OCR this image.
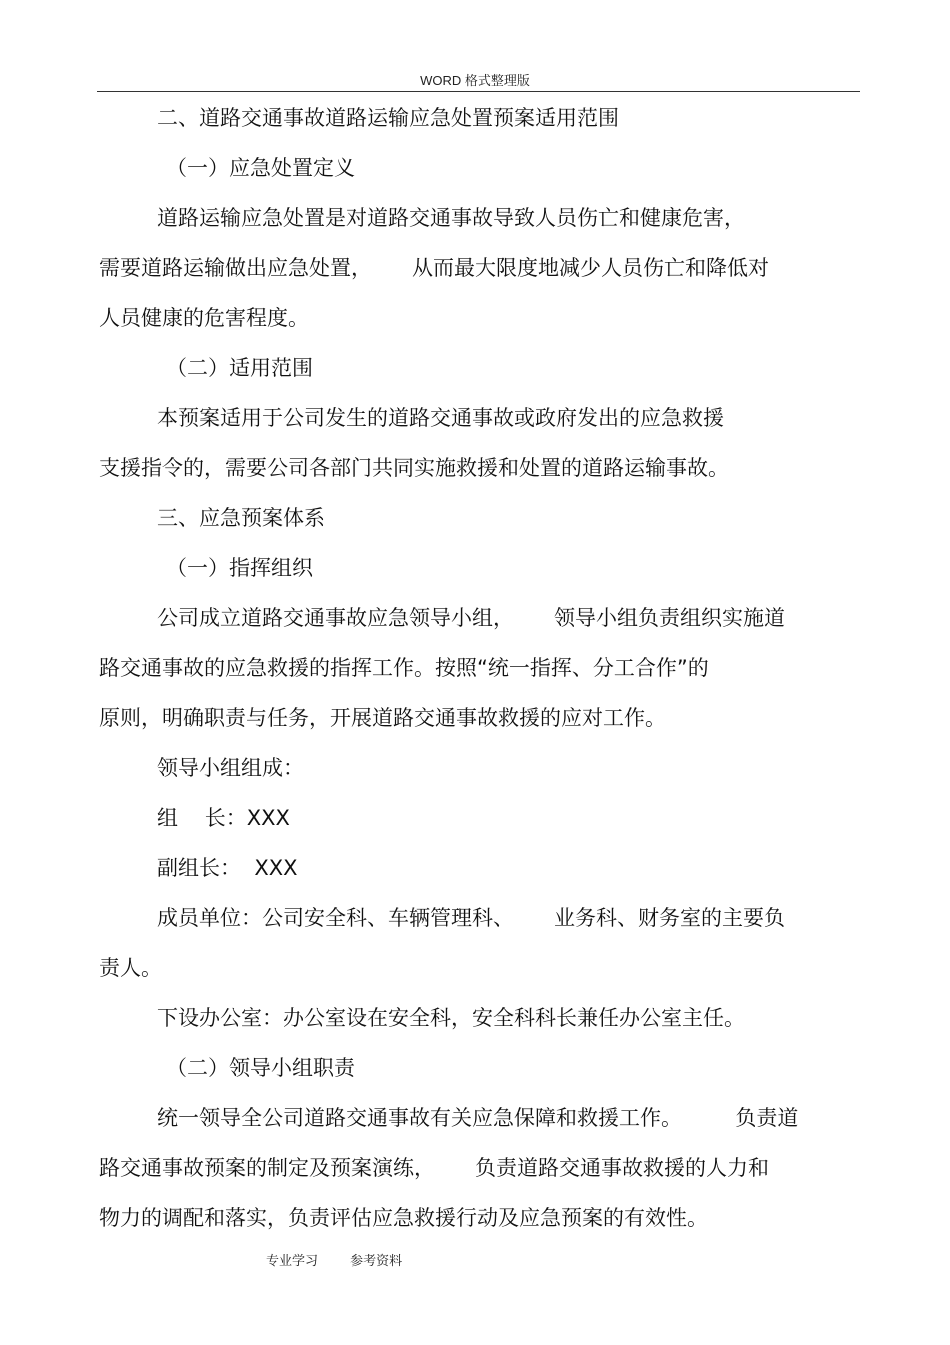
WORD 格式整理版
二、道路交通事故道路运输应急处置预案适用范围
（一）应急处置定义
道路运输应急处置是对道路交通事故导致人员伤亡和健康危害，
需要道路运输做出应急处置，      从而最大限度地减少人员伤亡和降低对
人员健康的危害程度。
（二）适用范围
本预案适用于公司发生的道路交通事故或政府发出的应急救援
支援指令的，需要公司各部门共同实施救援和处置的道路运输事故。
三、应急预案体系
（一）指挥组织
公司成立道路交通事故应急领导小组，      领导小组负责组织实施道
路交通事故的应急救援的指挥工作。按照“统一指挥、分工合作”的
原则，明确职责与任务，开展道路交通事故救援的应对工作。
领导小组组成：
组    长：XXX
副组长：  XXX
成员单位：公司安全科、车辆管理科、      业务科、财务室的主要负
责人。
下设办公室：办公室设在安全科，安全科科长兼任办公室主任。
（二）领导小组职责
统一领导全公司道路交通事故有关应急保障和救援工作。        负责道
路交通事故预案的制定及预案演练，      负责道路交通事故救援的人力和
物力的调配和落实，负责评估应急救援行动及应急预案的有效性。
专业学习 参考资料
